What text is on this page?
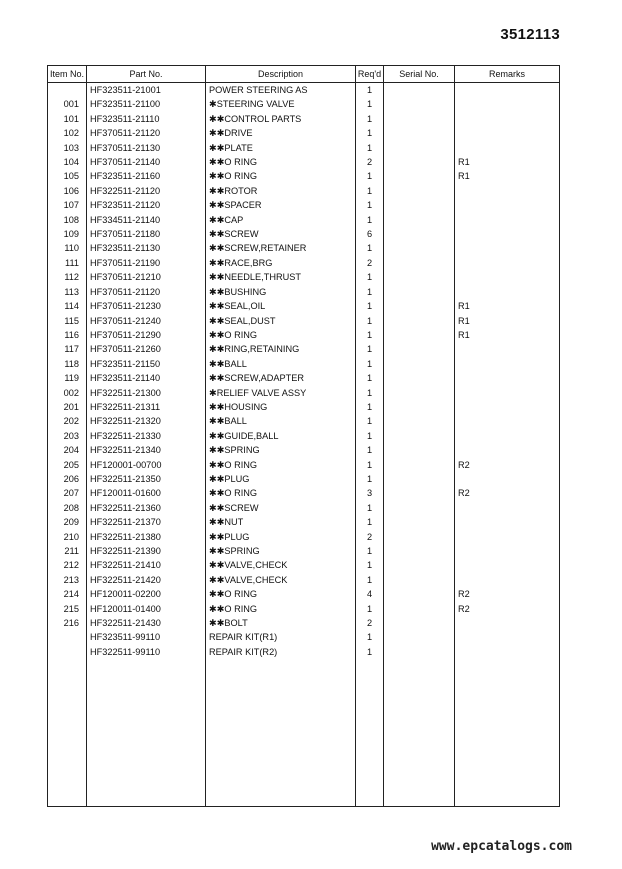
3512113
Item No.	Part No.	Description	Req'd	Serial No.	Remarks
	HF323511-21001	POWER STEERING AS	1		
001	HF323511-21100	✱STEERING VALVE	1		
101	HF323511-21110	✱✱CONTROL PARTS	1		
102	HF370511-21120	✱✱DRIVE	1		
103	HF370511-21130	✱✱PLATE	1		
104	HF370511-21140	✱✱O RING	2		R1
105	HF323511-21160	✱✱O RING	1		R1
106	HF322511-21120	✱✱ROTOR	1		
107	HF323511-21120	✱✱SPACER	1		
108	HF334511-21140	✱✱CAP	1		
109	HF370511-21180	✱✱SCREW	6		
110	HF323511-21130	✱✱SCREW,RETAINER	1		
111	HF370511-21190	✱✱RACE,BRG	2		
112	HF370511-21210	✱✱NEEDLE,THRUST	1		
113	HF370511-21120	✱✱BUSHING	1		
114	HF370511-21230	✱✱SEAL,OIL	1		R1
115	HF370511-21240	✱✱SEAL,DUST	1		R1
116	HF370511-21290	✱✱O RING	1		R1
117	HF370511-21260	✱✱RING,RETAINING	1		
118	HF323511-21150	✱✱BALL	1		
119	HF323511-21140	✱✱SCREW,ADAPTER	1		
002	HF322511-21300	✱RELIEF VALVE ASSY	1		
201	HF322511-21311	✱✱HOUSING	1		
202	HF322511-21320	✱✱BALL	1		
203	HF322511-21330	✱✱GUIDE,BALL	1		
204	HF322511-21340	✱✱SPRING	1		
205	HF120001-00700	✱✱O RING	1		R2
206	HF322511-21350	✱✱PLUG	1		
207	HF120011-01600	✱✱O RING	3		R2
208	HF322511-21360	✱✱SCREW	1		
209	HF322511-21370	✱✱NUT	1		
210	HF322511-21380	✱✱PLUG	2		
211	HF322511-21390	✱✱SPRING	1		
212	HF322511-21410	✱✱VALVE,CHECK	1		
213	HF322511-21420	✱✱VALVE,CHECK	1		
214	HF120011-02200	✱✱O RING	4		R2
215	HF120011-01400	✱✱O RING	1		R2
216	HF322511-21430	✱✱BOLT	2		
	HF323511-99110	REPAIR KIT(R1)	1		
	HF322511-99110	REPAIR KIT(R2)	1		

www.epcatalogs.com
